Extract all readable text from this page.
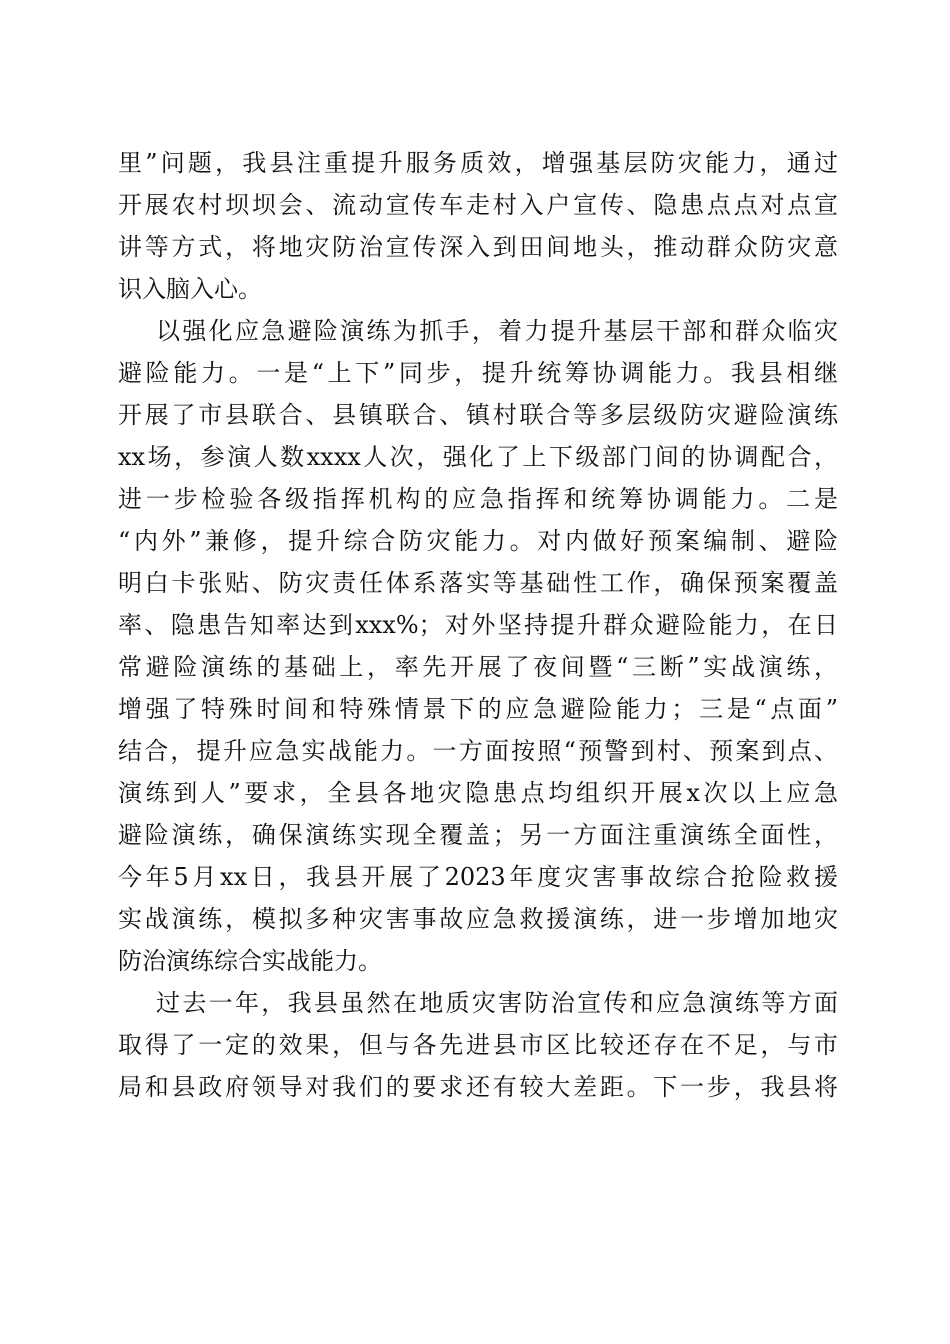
里”问题，我县注重提升服务质效，增强基层防灾能力，通过
开展农村坝坝会、流动宣传车走村入户宣传、隐患点点对点宣
讲等方式，将地灾防治宣传深入到田间地头，推动群众防灾意
识入脑入心。
以强化应急避险演练为抓手，着力提升基层干部和群众临灾
避险能力。一是“上下”同步，提升统筹协调能力。我县相继
开展了市县联合、县镇联合、镇村联合等多层级防灾避险演练
xx场，参演人数xxxx人次，强化了上下级部门间的协调配合，
进一步检验各级指挥机构的应急指挥和统筹协调能力。二是
“内外”兼修，提升综合防灾能力。对内做好预案编制、避险
明白卡张贴、防灾责任体系落实等基础性工作，确保预案覆盖
率、隐患告知率达到xxx%；对外坚持提升群众避险能力，在日
常避险演练的基础上，率先开展了夜间暨“三断”实战演练，
增强了特殊时间和特殊情景下的应急避险能力；三是“点面”
结合，提升应急实战能力。一方面按照“预警到村、预案到点、
演练到人”要求，全县各地灾隐患点均组织开展x次以上应急
避险演练，确保演练实现全覆盖；另一方面注重演练全面性，
今年5月xx日，我县开展了2023年度灾害事故综合抢险救援
实战演练，模拟多种灾害事故应急救援演练，进一步增加地灾
防治演练综合实战能力。
过去一年，我县虽然在地质灾害防治宣传和应急演练等方面
取得了一定的效果，但与各先进县市区比较还存在不足，与市
局和县政府领导对我们的要求还有较大差距。下一步，我县将
